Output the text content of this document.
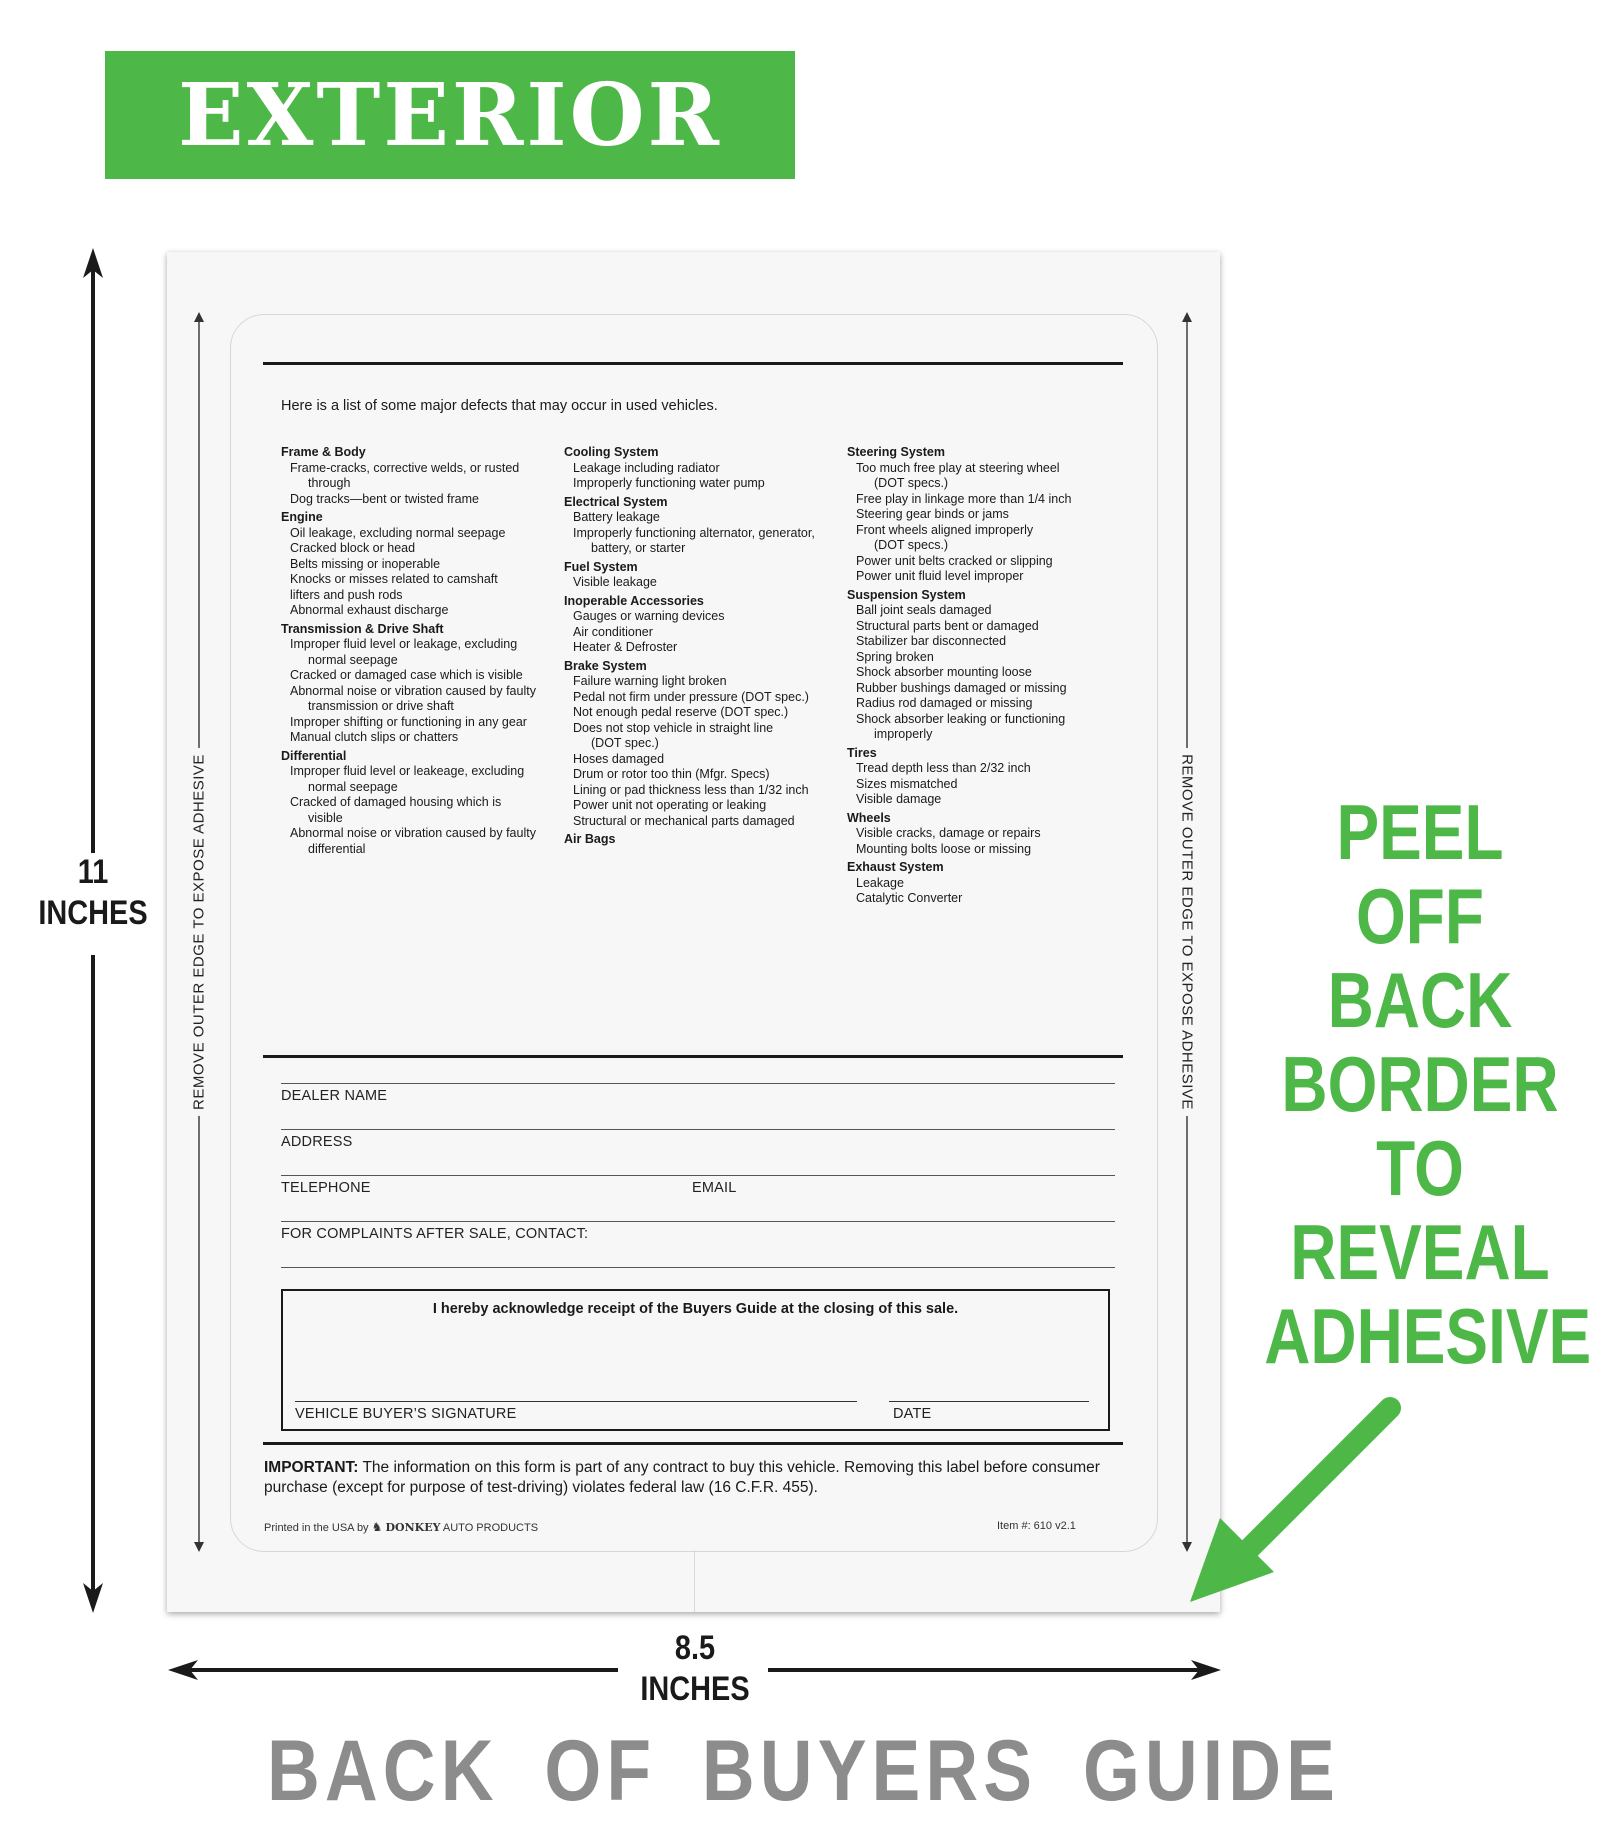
EXTERIOR
11
INCHES
8.5
INCHES
REMOVE OUTER EDGE TO EXPOSE ADHESIVE	REMOVE OUTER EDGE TO EXPOSE ADHESIVE
Here is a list of some major defects that may occur in used vehicles.
Frame & Body
Frame-cracks, corrective welds, or rusted
through
Dog tracks—bent or twisted frame
Engine
Oil leakage, excluding normal seepage
Cracked block or head
Belts missing or inoperable
Knocks or misses related to camshaft
lifters and push rods
Abnormal exhaust discharge
Transmission & Drive Shaft
Improper fluid level or leakage, excluding
normal seepage
Cracked or damaged case which is visible
Abnormal noise or vibration caused by faulty
transmission or drive shaft
Improper shifting or functioning in any gear
Manual clutch slips or chatters
Differential
Improper fluid level or leakeage, excluding
normal seepage
Cracked of damaged housing which is
visible
Abnormal noise or vibration caused by faulty
differential
Cooling System
Leakage including radiator
Improperly functioning water pump
Electrical System
Battery leakage
Improperly functioning alternator, generator,
battery, or starter
Fuel System
Visible leakage
Inoperable Accessories
Gauges or warning devices
Air conditioner
Heater & Defroster
Brake System
Failure warning light broken
Pedal not firm under pressure (DOT spec.)
Not enough pedal reserve (DOT spec.)
Does not stop vehicle in straight line
(DOT spec.)
Hoses damaged
Drum or rotor too thin (Mfgr. Specs)
Lining or pad thickness less than 1/32 inch
Power unit not operating or leaking
Structural or mechanical parts damaged
Air Bags
Steering System
Too much free play at steering wheel
(DOT specs.)
Free play in linkage more than 1/4 inch
Steering gear binds or jams
Front wheels aligned improperly
(DOT specs.)
Power unit belts cracked or slipping
Power unit fluid level improper
Suspension System
Ball joint seals damaged
Structural parts bent or damaged
Stabilizer bar disconnected
Spring broken
Shock absorber mounting loose
Rubber bushings damaged or missing
Radius rod damaged or missing
Shock absorber leaking or functioning
improperly
Tires
Tread depth less than 2/32 inch
Sizes mismatched
Visible damage
Wheels
Visible cracks, damage or repairs
Mounting bolts loose or missing
Exhaust System
Leakage
Catalytic Converter
DEALER NAME
ADDRESS
TELEPHONE	EMAIL
FOR COMPLAINTS AFTER SALE, CONTACT:
I hereby acknowledge receipt of the Buyers Guide at the closing of this sale.
VEHICLE BUYER’S SIGNATURE	DATE
IMPORTANT: The information on this form is part of any contract to buy this vehicle. Removing this label before consumer purchase (except for purpose of test-driving) violates federal law (16 C.F.R. 455).
Printed in the USA by ♞ DONKEY AUTO PRODUCTS	Item #: 610 v2.1
PEEL
OFF
BACK
BORDER
TO
REVEAL
ADHESIVE
BACK OF BUYERS GUIDE
